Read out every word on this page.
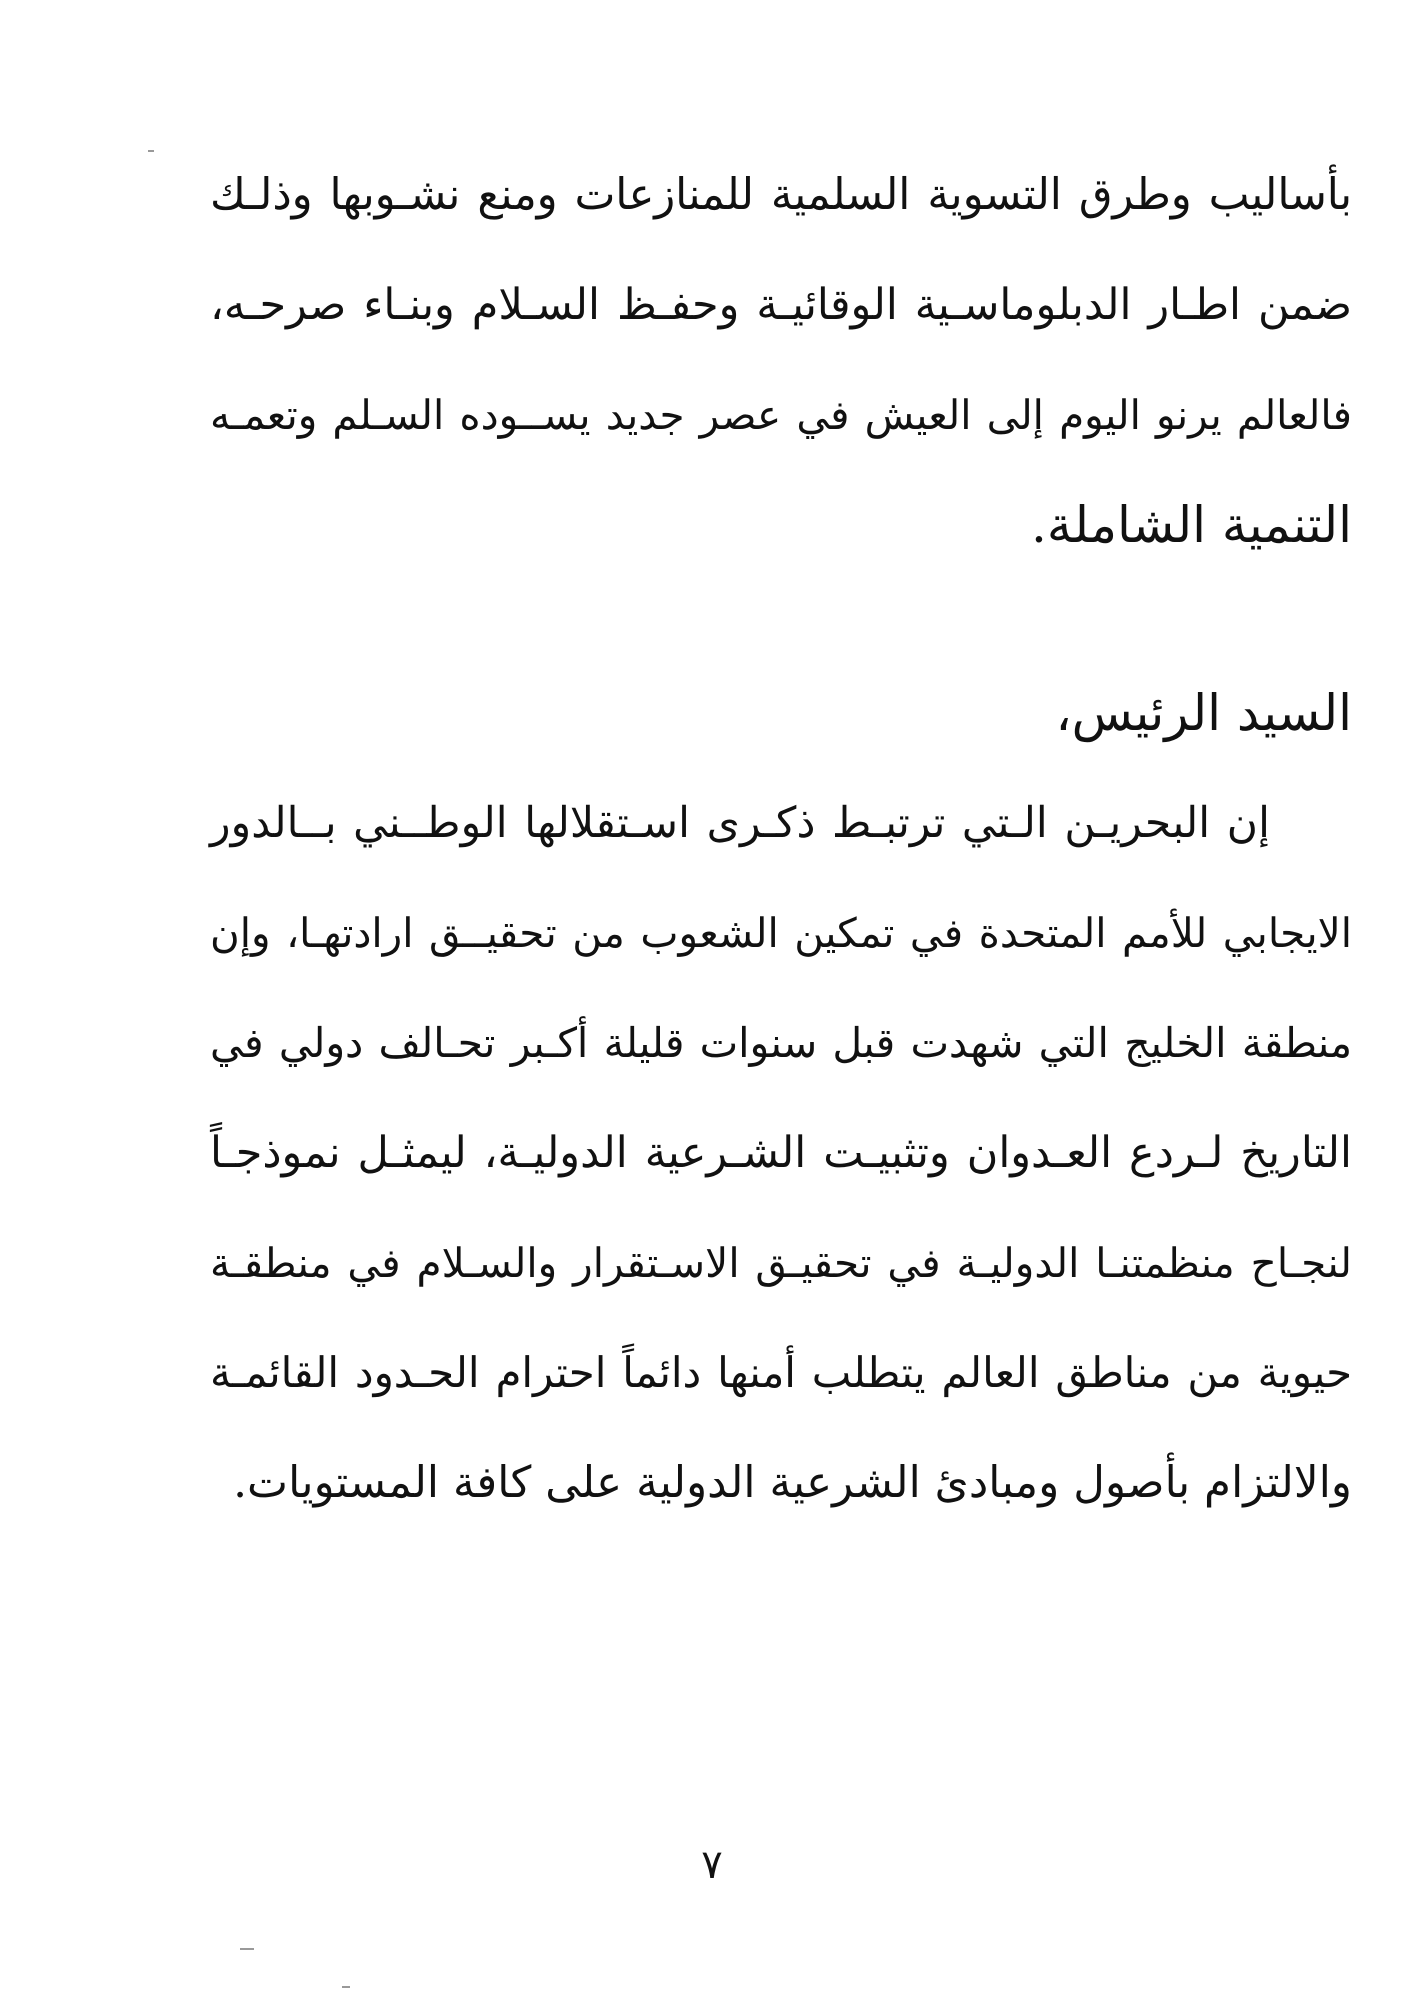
بأساليب وطرق التسوية السلمية للمنازعات ومنع نشـوبها وذلـك
ضمن اطـار الدبلوماسـية الوقائيـة وحفـظ السـلام وبنـاء صرحـه،
فالعالم يرنو اليوم إلى العيش في عصر جديد يســوده السـلم وتعمـه
التنمية الشاملة.
السيد الرئيس،
إن البحريـن الـتي ترتبـط ذكـرى اسـتقلالها الوطــني بــالدور
الايجابي للأمم المتحدة في تمكين الشعوب من تحقيــق ارادتهـا، وإن
منطقة الخليج التي شهدت قبل سنوات قليلة أكـبر تحـالف دولي في
التاريخ لـردع العـدوان وتثبيـت الشـرعية الدوليـة، ليمثـل نموذجـاً
لنجـاح منظمتنـا الدوليـة في تحقيـق الاسـتقرار والسـلام في منطقـة
حيوية من مناطق العالم يتطلب أمنها دائماً احترام الحـدود القائمـة
والالتزام بأصول ومبادئ الشرعية الدولية على كافة المستويات.
٧
